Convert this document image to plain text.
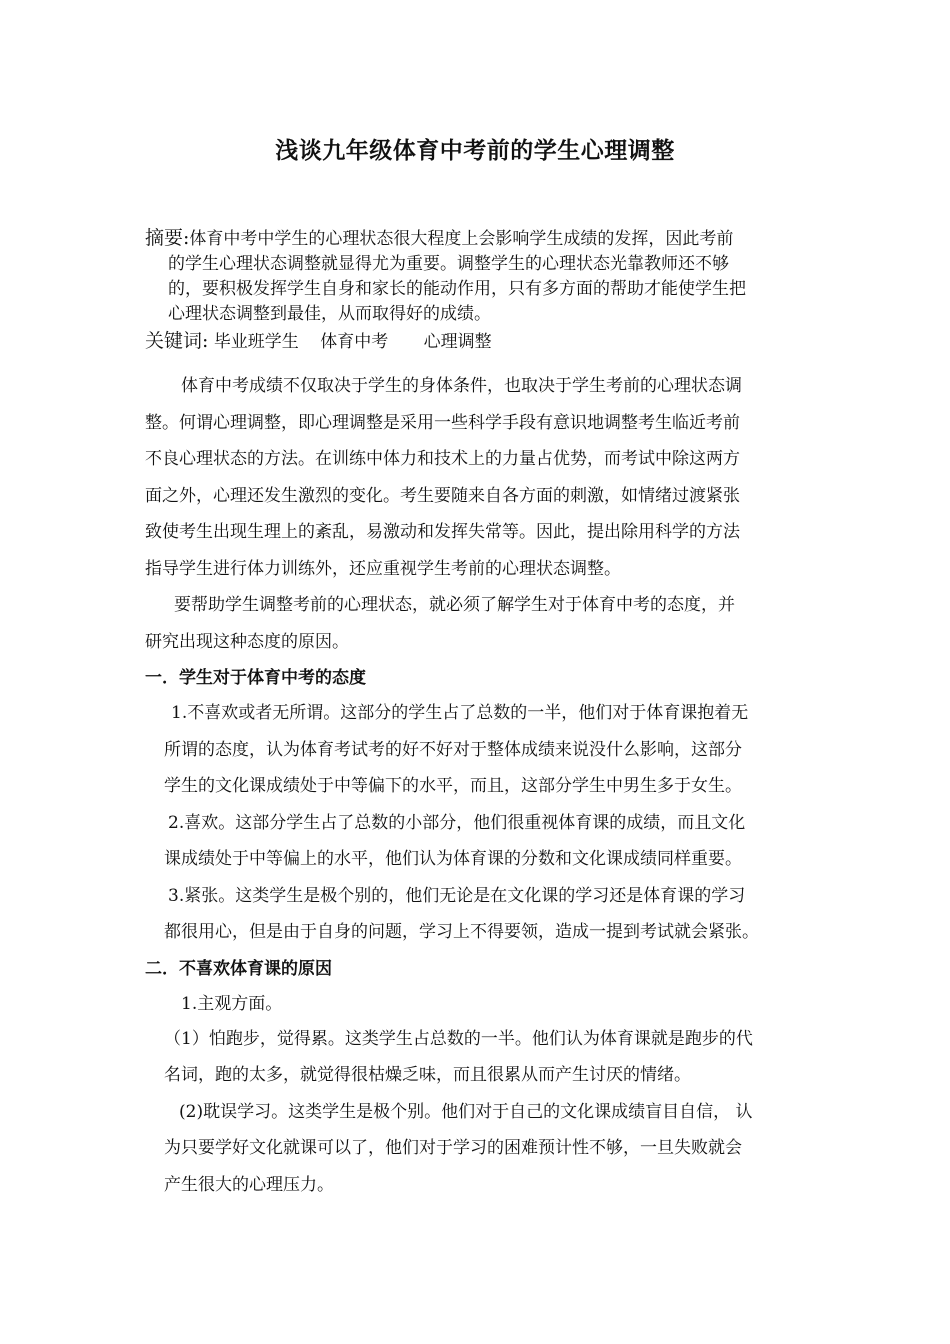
浅谈九年级体育中考前的学生心理调整
摘要:体育中考中学生的心理状态很大程度上会影响学生成绩的发挥，因此考前
的学生心理状态调整就显得尤为重要。调整学生的心理状态光靠教师还不够
的，要积极发挥学生自身和家长的能动作用，只有多方面的帮助才能使学生把
心理状态调整到最佳，从而取得好的成绩。
关键词: 毕业班学生 体育中考 心理调整
体育中考成绩不仅取决于学生的身体条件，也取决于学生考前的心理状态调
整。何谓心理调整，即心理调整是采用一些科学手段有意识地调整考生临近考前
不良心理状态的方法。在训练中体力和技术上的力量占优势，而考试中除这两方
面之外，心理还发生激烈的变化。考生要随来自各方面的刺激，如情绪过渡紧张
致使考生出现生理上的紊乱，易激动和发挥失常等。因此，提出除用科学的方法
指导学生进行体力训练外，还应重视学生考前的心理状态调整。
要帮助学生调整考前的心理状态，就必须了解学生对于体育中考的态度，并
研究出现这种态度的原因。
一．学生对于体育中考的态度
1.不喜欢或者无所谓。这部分的学生占了总数的一半，他们对于体育课抱着无
所谓的态度，认为体育考试考的好不好对于整体成绩来说没什么影响，这部分
学生的文化课成绩处于中等偏下的水平，而且，这部分学生中男生多于女生。
2.喜欢。这部分学生占了总数的小部分，他们很重视体育课的成绩，而且文化
课成绩处于中等偏上的水平，他们认为体育课的分数和文化课成绩同样重要。
3.紧张。这类学生是极个别的，他们无论是在文化课的学习还是体育课的学习
都很用心，但是由于自身的问题，学习上不得要领，造成一提到考试就会紧张。
二．不喜欢体育课的原因
1.主观方面。
（1）怕跑步，觉得累。这类学生占总数的一半。他们认为体育课就是跑步的代
名词，跑的太多，就觉得很枯燥乏味，而且很累从而产生讨厌的情绪。
(2)耽误学习。这类学生是极个别。他们对于自己的文化课成绩盲目自信， 认
为只要学好文化就课可以了，他们对于学习的困难预计性不够，一旦失败就会
产生很大的心理压力。
